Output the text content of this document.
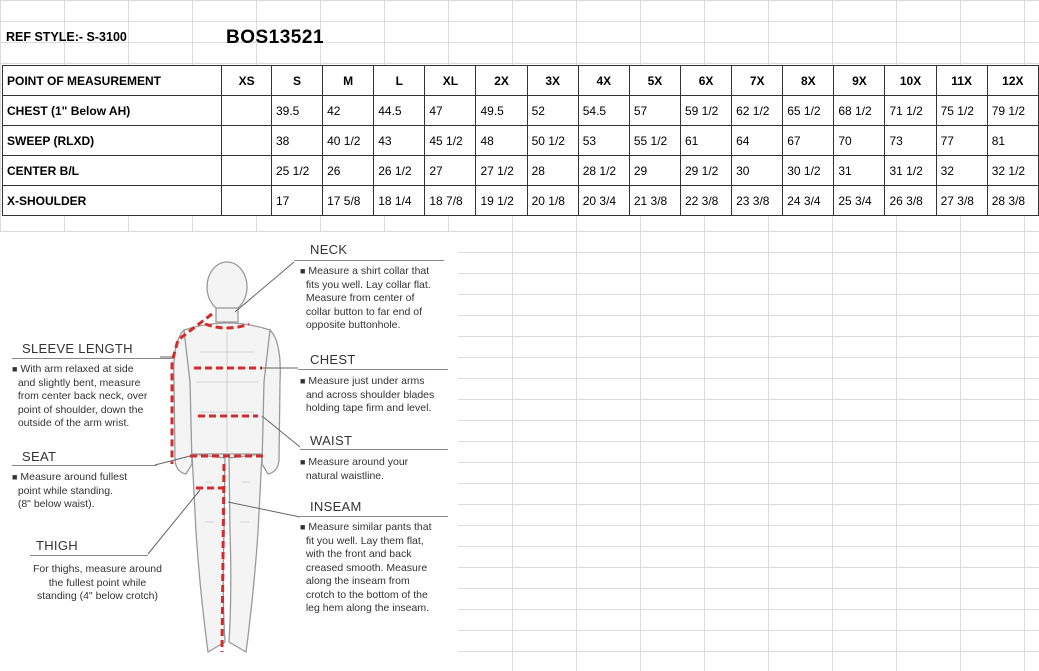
REF STYLE:- S-3100	BOS13521
POINT OF MEASUREMENT	XS	S	M	L	XL	2X	3X	4X	5X	6X	7X	8X	9X	10X	11X	12X
CHEST (1" Below AH)		39.5	42	44.5	47	49.5	52	54.5	57	59 1/2	62 1/2	65 1/2	68 1/2	71 1/2	75 1/2	79 1/2
SWEEP (RLXD)		38	40 1/2	43	45 1/2	48	50 1/2	53	55 1/2	61	64	67	70	73	77	81
CENTER B/L		25 1/2	26	26 1/2	27	27 1/2	28	28 1/2	29	29 1/2	30	30 1/2	31	31 1/2	32	32 1/2
X-SHOULDER		17	17 5/8	18 1/4	18 7/8	19 1/2	20 1/8	20 3/4	21 3/8	22 3/8	23 3/8	24 3/4	25 3/4	26 3/8	27 3/8	28 3/8
NECK
■ Measure a shirt collar that
fits you well. Lay collar flat.
Measure from center of
collar button to far end of
opposite buttonhole.
CHEST
■ Measure just under arms
and across shoulder blades
holding tape firm and level.
WAIST
■ Measure around your
natural waistline.
INSEAM
■ Measure similar pants that
fit you well. Lay them flat,
with the front and back
creased smooth. Measure
along the inseam from
crotch to the bottom of the
leg hem along the inseam.
SLEEVE LENGTH
■ With arm relaxed at side
and slightly bent, measure
from center back neck, over
point of shoulder, down the
outside of the arm wrist.
SEAT
■ Measure around fullest
point while standing.
(8" below waist).
THIGH
For thighs, measure around
the fullest point while
standing (4" below crotch)
